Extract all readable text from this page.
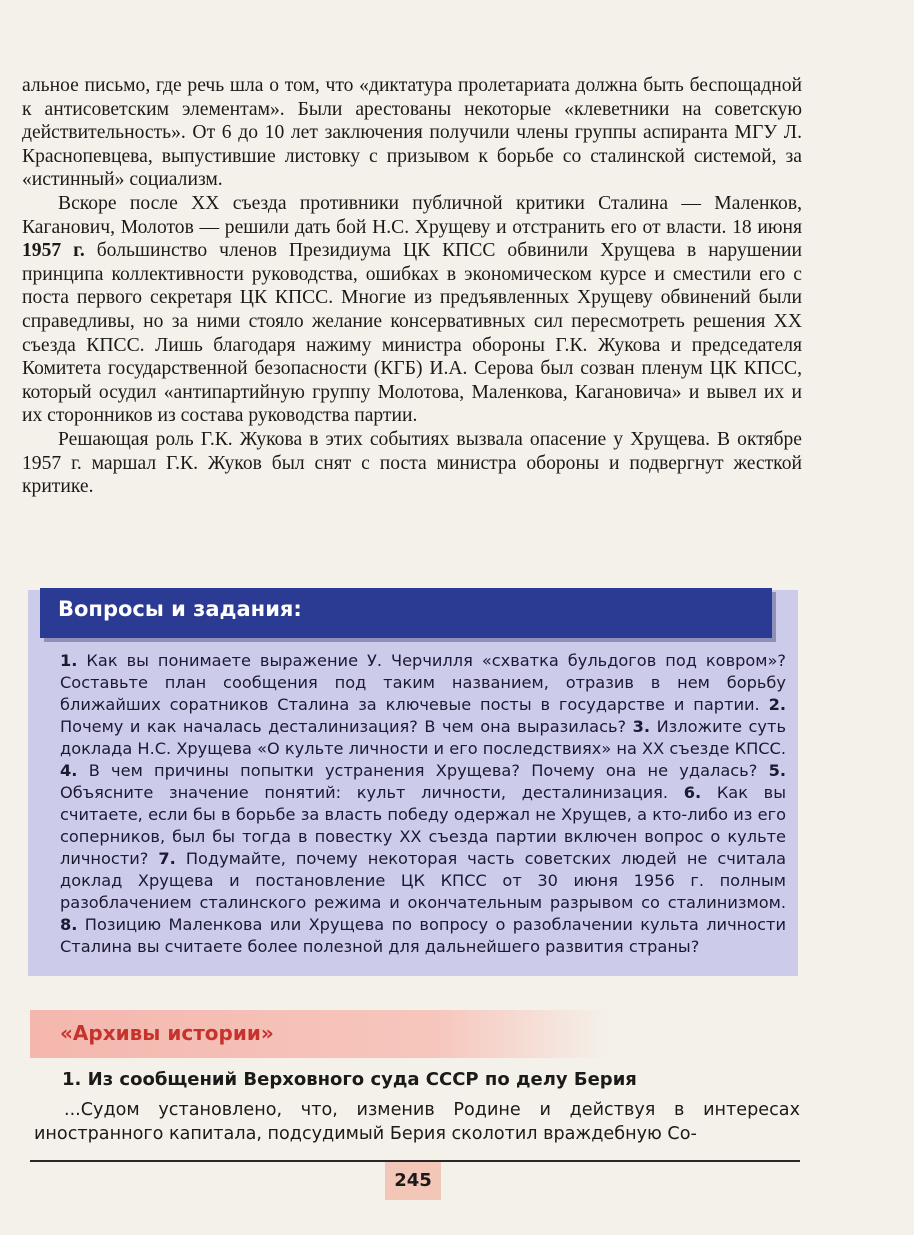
альное письмо, где речь шла о том, что «диктатура пролетариата должна быть беспощадной к антисоветским элементам». Были арестованы некоторые «клеветники на советскую действительность». От 6 до 10 лет заключения получили члены группы аспиранта МГУ Л. Краснопевцева, выпустившие листовку с призывом к борьбе со сталинской системой, за «истинный» социализм.

Вскоре после XX съезда противники публичной критики Сталина — Маленков, Каганович, Молотов — решили дать бой Н.С. Хрущеву и отстранить его от власти. 18 июня 1957 г. большинство членов Президиума ЦК КПСС обвинили Хрущева в нарушении принципа коллективности руководства, ошибках в экономическом курсе и сместили его с поста первого секретаря ЦК КПСС. Многие из предъявленных Хрущеву обвинений были справедливы, но за ними стояло желание консервативных сил пересмотреть решения XX съезда КПСС. Лишь благодаря нажиму министра обороны Г.К. Жукова и председателя Комитета государственной безопасности (КГБ) И.А. Серова был созван пленум ЦК КПСС, который осудил «антипартийную группу Молотова, Маленкова, Кагановича» и вывел их и их сторонников из состава руководства партии.

Решающая роль Г.К. Жукова в этих событиях вызвала опасение у Хрущева. В октябре 1957 г. маршал Г.К. Жуков был снят с поста министра обороны и подвергнут жесткой критике.

Вопросы и задания:
1. Как вы понимаете выражение У. Черчилля «схватка бульдогов под ковром»? Составьте план сообщения под таким названием, отразив в нем борьбу ближайших соратников Сталина за ключевые посты в государстве и партии. 2. Почему и как началась десталинизация? В чем она выразилась? 3. Изложите суть доклада Н.С. Хрущева «О культе личности и его последствиях» на XX съезде КПСС. 4. В чем причины попытки устранения Хрущева? Почему она не удалась? 5. Объясните значение понятий: культ личности, десталинизация. 6. Как вы считаете, если бы в борьбе за власть победу одержал не Хрущев, а кто-либо из его соперников, был бы тогда в повестку XX съезда партии включен вопрос о культе личности? 7. Подумайте, почему некоторая часть советских людей не считала доклад Хрущева и постановление ЦК КПСС от 30 июня 1956 г. полным разоблачением сталинского режима и окончательным разрывом со сталинизмом. 8. Позицию Маленкова или Хрущева по вопросу о разоблачении культа личности Сталина вы считаете более полезной для дальнейшего развития страны?
«Архивы истории»
1. Из сообщений Верховного суда СССР по делу Берия

...Судом установлено, что, изменив Родине и действуя в интересах иностранного капитала, подсудимый Берия сколотил враждебную Со-

245
